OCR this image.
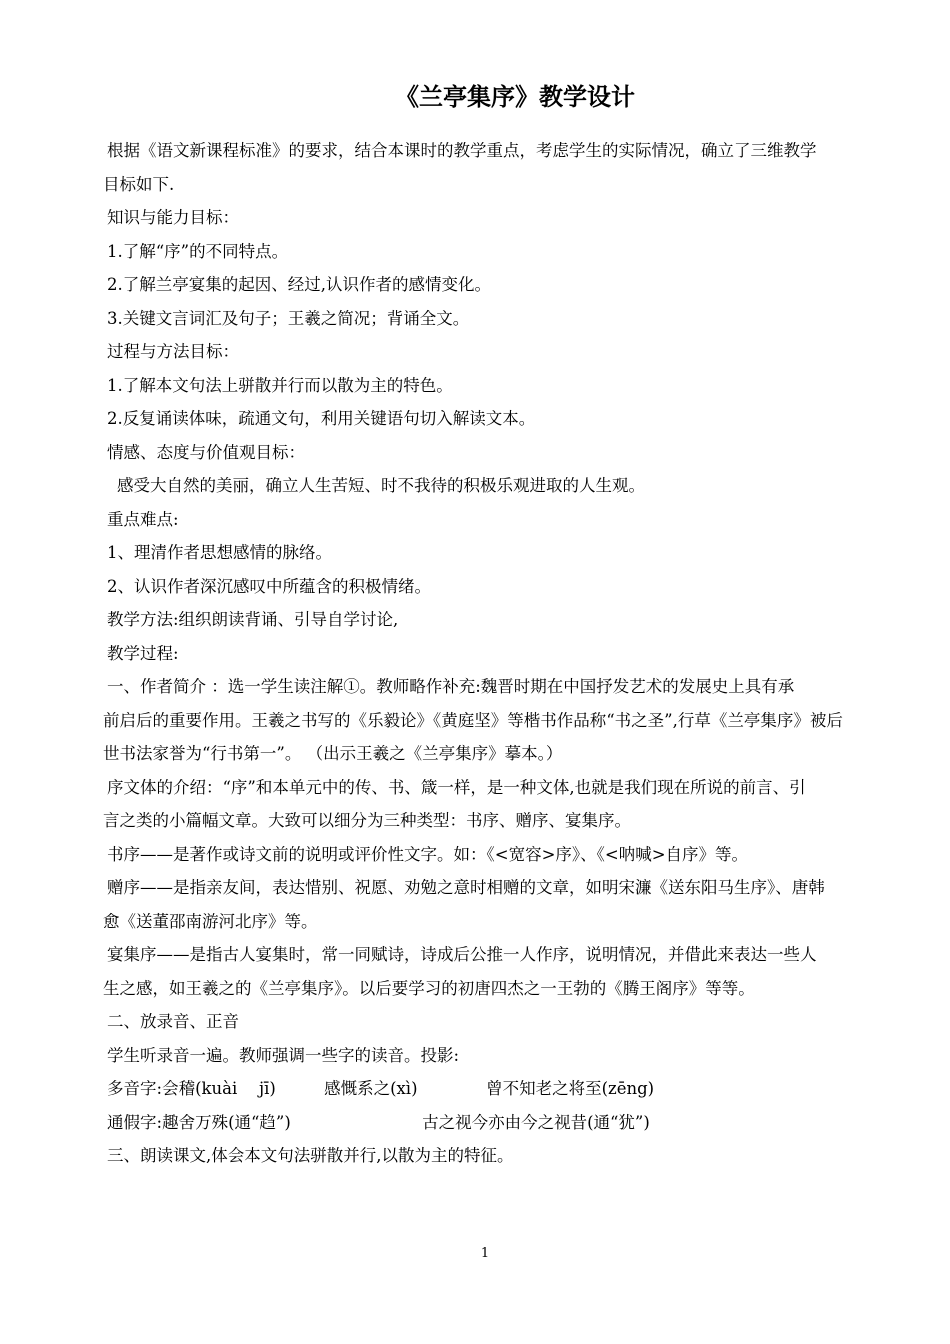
《兰亭集序》教学设计
根据《语文新课程标准》的要求，结合本课时的教学重点，考虑学生的实际情况，确立了三维教学
目标如下.
知识与能力目标：
1.了解“序”的不同特点。
2.了解兰亭宴集的起因、经过,认识作者的感情变化。
3.关键文言词汇及句子；王羲之简况；背诵全文。
过程与方法目标：
1.了解本文句法上骈散并行而以散为主的特色。
2.反复诵读体味，疏通文句，利用关键语句切入解读文本。
情感、态度与价值观目标：
感受大自然的美丽，确立人生苦短、时不我待的积极乐观进取的人生观。
重点难点:
1、理清作者思想感情的脉络。
2、认识作者深沉感叹中所蕴含的积极情绪。
教学方法:组织朗读背诵、引导自学讨论,
教学过程:
一、作者简介 ：选一学生读注解①。教师略作补充:魏晋时期在中国抒发艺术的发展史上具有承
前启后的重要作用。王羲之书写的《乐毅论》《黄庭坚》等楷书作品称“书之圣”,行草《兰亭集序》被后
世书法家誉为“行书第一”。 （出示王羲之《兰亭集序》摹本。）
序文体的介绍：“序”和本单元中的传、书、箴一样，是一种文体,也就是我们现在所说的前言、引
言之类的小篇幅文章。大致可以细分为三种类型：书序、赠序、宴集序。
书序——是著作或诗文前的说明或评价性文字。如：《<宽容>序》、《<呐喊>自序》等。
赠序——是指亲友间，表达惜别、祝愿、劝勉之意时相赠的文章，如明宋濂《送东阳马生序》、唐韩
愈《送董邵南游河北序》等。
宴集序——是指古人宴集时，常一同赋诗，诗成后公推一人作序，说明情况，并借此来表达一些人
生之感，如王羲之的《兰亭集序》。以后要学习的初唐四杰之一王勃的《腾王阁序》等等。
二、放录音、正音
学生听录音一遍。教师强调一些字的读音。投影:
多音字:会稽(kuài　 jī)	感慨系之(xì)	曾不知老之将至(zēng)
通假字:趣舍万殊(通“趋”)	古之视今亦由今之视昔(通“犹”)
三、朗读课文,体会本文句法骈散并行,以散为主的特征。
1
